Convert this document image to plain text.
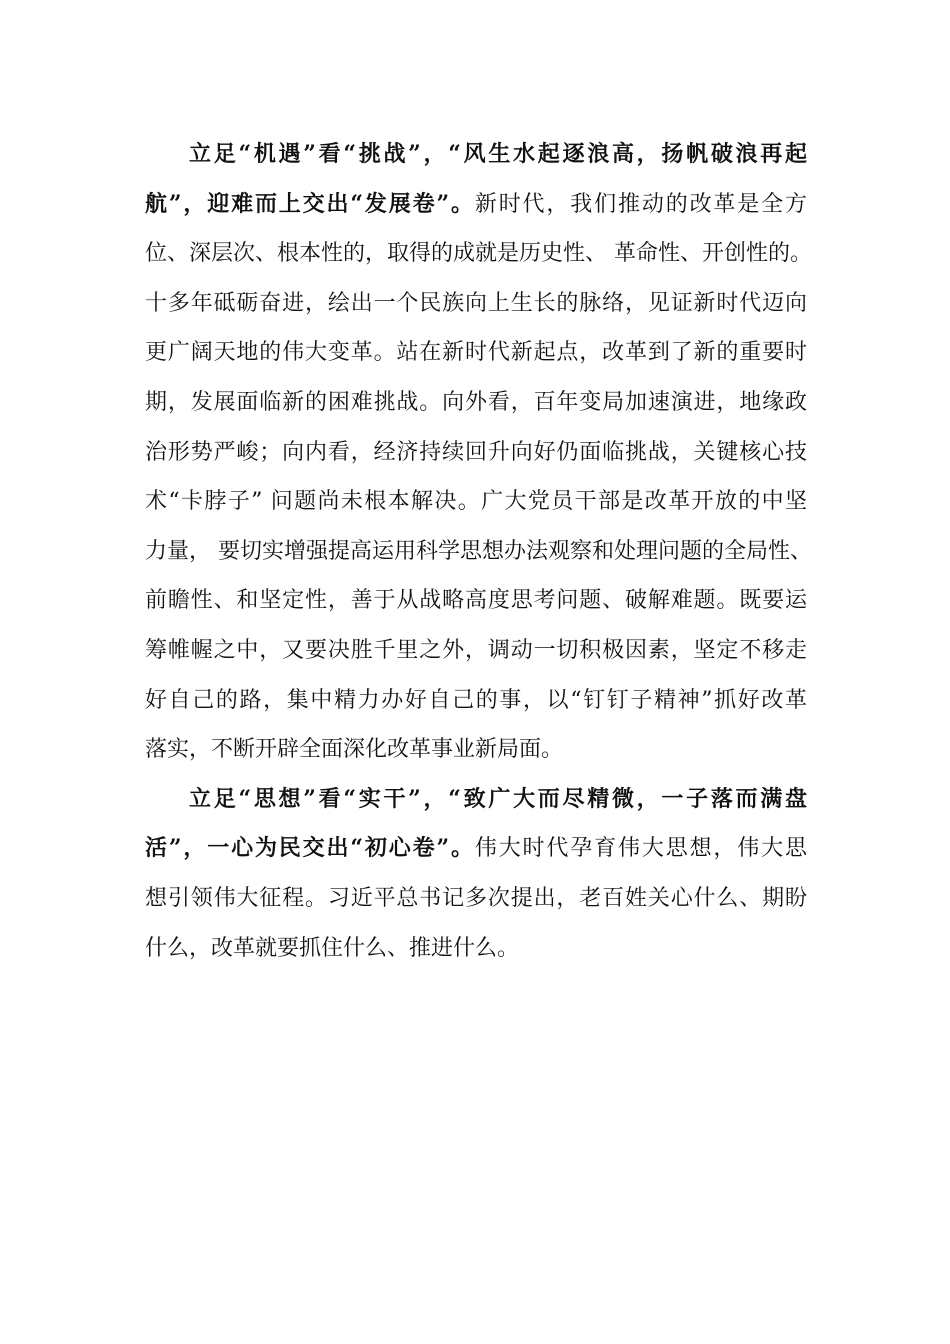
立足“机遇”看“挑战”，“风生水起逐浪高，扬帆破浪再起
航”，迎难而上交出“发展卷”。新时代，我们推动的改革是全方
位、深层次、根本性的，取得的成就是历史性、 革命性、开创性的。
十多年砥砺奋进，绘出一个民族向上生长的脉络，见证新时代迈向
更广阔天地的伟大变革。站在新时代新起点，改革到了新的重要时
期，发展面临新的困难挑战。向外看，百年变局加速演进，地缘政
治形势严峻；向内看，经济持续回升向好仍面临挑战，关键核心技
术“卡脖子” 问题尚未根本解决。广大党员干部是改革开放的中坚
力量， 要切实增强提高运用科学思想办法观察和处理问题的全局性、
前瞻性、和坚定性，善于从战略高度思考问题、破解难题。既要运
筹帷幄之中，又要决胜千里之外，调动一切积极因素，坚定不移走
好自己的路，集中精力办好自己的事，以“钉钉子精神”抓好改革
落实，不断开辟全面深化改革事业新局面。
立足“思想”看“实干”，“致广大而尽精微，一子落而满盘
活”，一心为民交出“初心卷”。伟大时代孕育伟大思想，伟大思
想引领伟大征程。习近平总书记多次提出，老百姓关心什么、期盼
什么，改革就要抓住什么、推进什么。
